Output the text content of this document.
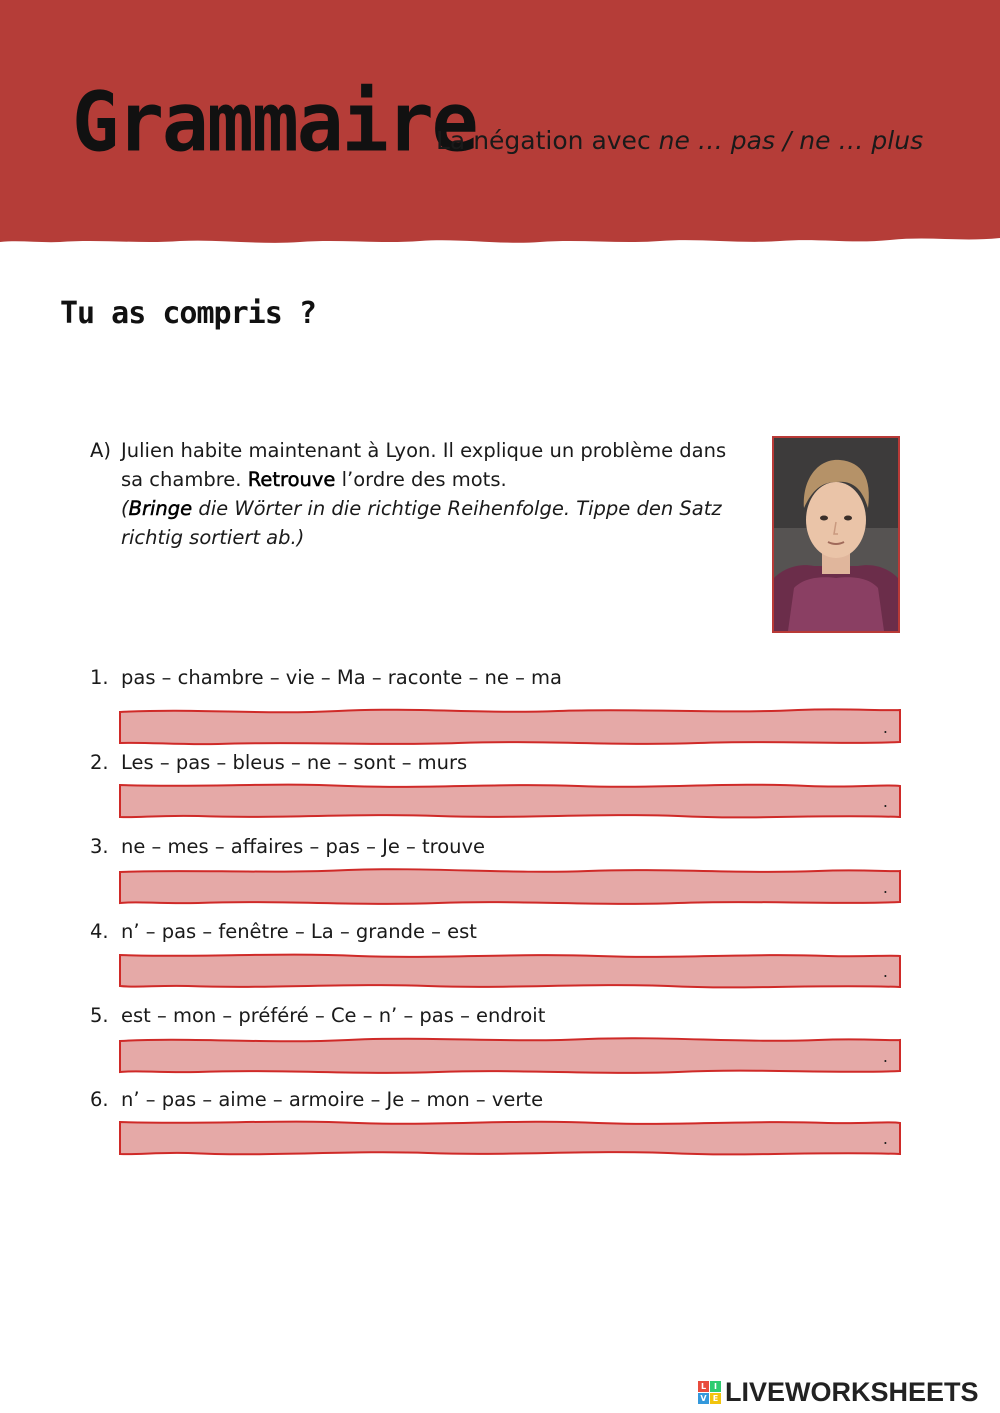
Grammaire
La négation avec ne … pas / ne … plus
Tu as compris ?
A) Julien habite maintenant à Lyon. Il explique un problème dans sa chambre. Retrouve l’ordre des mots.
(Bringe die Wörter in die richtige Reihenfolge. Tippe den Satz richtig sortiert ab.)
1. pas – chambre – vie – Ma – raconte – ne – ma
.
2. Les – pas – bleus – ne – sont – murs
.
3. ne – mes – affaires – pas – Je – trouve
.
4. n’ – pas – fenêtre – La – grande – est
.
5. est – mon – préféré – Ce – n’ – pas – endroit
.
6. n’ – pas – aime – armoire – Je – mon – verte
.
L I
V E LIVEWORKSHEETS
